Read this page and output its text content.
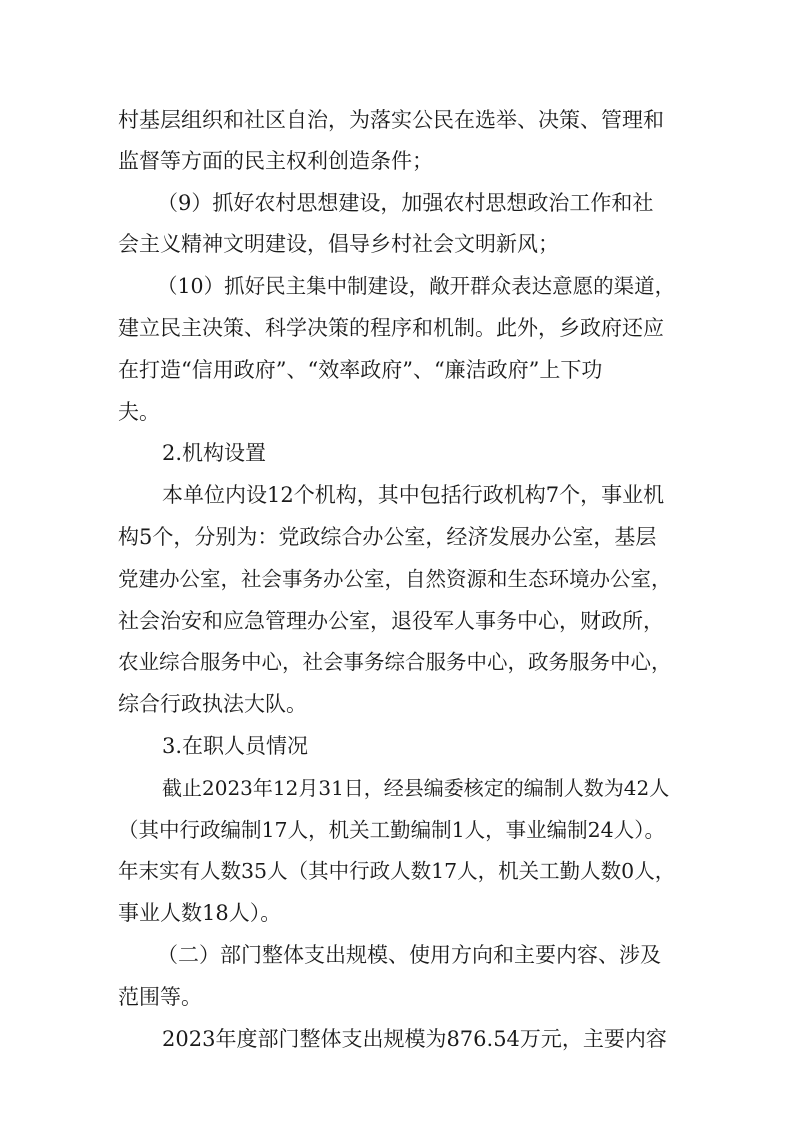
村基层组织和社区自治，为落实公民在选举、决策、管理和
监督等方面的民主权利创造条件；
（9）抓好农村思想建设，加强农村思想政治工作和社
会主义精神文明建设，倡导乡村社会文明新风；
（10）抓好民主集中制建设，敞开群众表达意愿的渠道，
建立民主决策、科学决策的程序和机制。此外，乡政府还应
在打造“信用政府”、“效率政府”、“廉洁政府”上下功
夫。
2.机构设置
本单位内设12个机构，其中包括行政机构7个，事业机
构5个，分别为：党政综合办公室，经济发展办公室，基层
党建办公室，社会事务办公室，自然资源和生态环境办公室，
社会治安和应急管理办公室，退役军人事务中心，财政所，
农业综合服务中心，社会事务综合服务中心，政务服务中心，
综合行政执法大队。
3.在职人员情况
截止2023年12月31日，经县编委核定的编制人数为42人
（其中行政编制17人，机关工勤编制1人，事业编制24人）。
年末实有人数35人（其中行政人数17人，机关工勤人数0人，
事业人数18人）。
（二）部门整体支出规模、使用方向和主要内容、涉及
范围等。
2023年度部门整体支出规模为876.54万元，主要内容
